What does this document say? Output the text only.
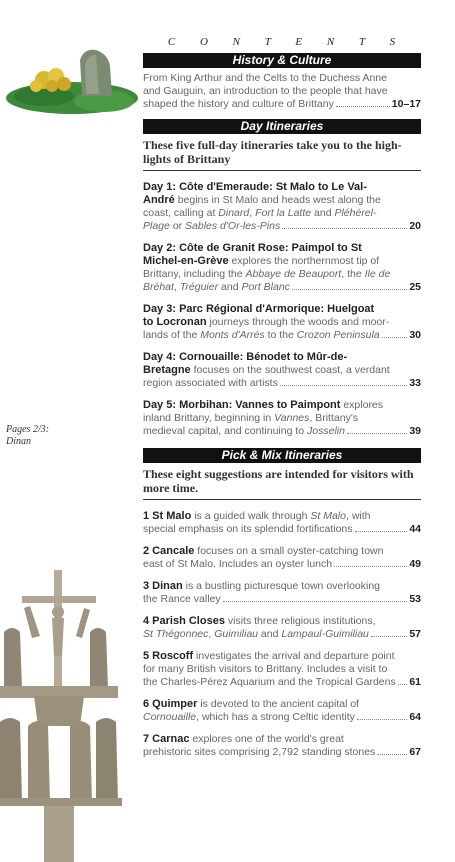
Pages 2/3:
Dinan
C O N T E N T S
History & Culture
From King Arthur and the Celts to the Duchess Anne
and Gauguin, an introduction to the people that have
shaped the history and culture of Brittany	10–17
Day Itineraries
These five full-day itineraries take you to the high-
lights of Brittany
Day 1: Côte d'Emeraude: St Malo to Le Val-
André begins in St Malo and heads west along the
coast, calling at Dinard, Fort la Latte and Pléhérel-
Plage or Sables d'Or-les-Pins	20
Day 2: Côte de Granit Rose: Paimpol to St
Michel-en-Grève explores the northernmost tip of
Brittany, including the Abbaye de Beauport, the Ile de
Bréhat, Tréguier and Port Blanc	25
Day 3: Parc Régional d'Armorique: Huelgoat
to Locronan journeys through the woods and moor-
lands of the Monts d'Arrés to the Crozon Peninsula	30
Day 4: Cornouaille: Bénodet to Mûr-de-
Bretagne focuses on the southwest coast, a verdant
region associated with artists	33
Day 5: Morbihan: Vannes to Paimpont explores
inland Brittany, beginning in Vannes, Brittany's
medieval capital, and continuing to Josselin	39
Pick & Mix Itineraries
These eight suggestions are intended for visitors with
more time.
1 St Malo is a guided walk through St Malo, with
special emphasis on its splendid fortifications	44
2 Cancale focuses on a small oyster-catching town
east of St Malo. Includes an oyster lunch	49
3 Dinan is a bustling picturesque town overlooking
the Rance valley	53
4 Parish Closes visits three religious institutions,
St Thégonnec, Guimiliau and Lampaul-Guimiliau	57
5 Roscoff investigates the arrival and departure point
for many British visitors to Brittany. Includes a visit to
the Charles-Pérez Aquarium and the Tropical Gardens 61
6 Quimper is devoted to the ancient capital of
Cornouaille, which has a strong Celtic identity	64
7 Carnac explores one of the world's great
prehistoric sites comprising 2,792 standing stones	67
